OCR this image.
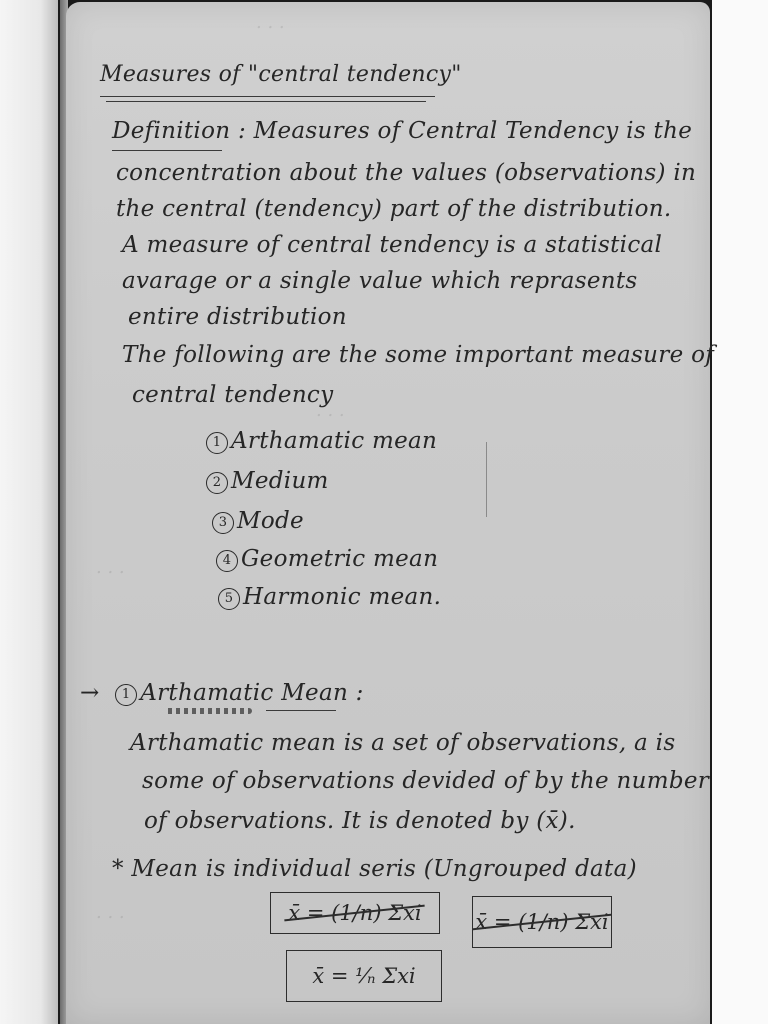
. . .
. . .
. . .
. . .
Measures of "central tendency"
Definition : Measures of Central Tendency is the
concentration about the values (observations) in
the central (tendency) part of the distribution.
A measure of central tendency is a statistical
avarage or a single value which reprasents
entire distribution
The following are the some important measure of
central tendency
1 Arthamatic mean
2 Medium
3 Mode
4 Geometric mean
5 Harmonic mean.
→ 1 Arthamatic Mean :
Arthamatic mean is a set of observations, a is
some of observations devided of by the number
of observations. It is denoted by (x̄).
* Mean is individual seris (Ungrouped data)
x̄ = (1/n) Σxi	x̄ = (1/n) Σxi
x̄ = ¹⁄ₙ Σxi
